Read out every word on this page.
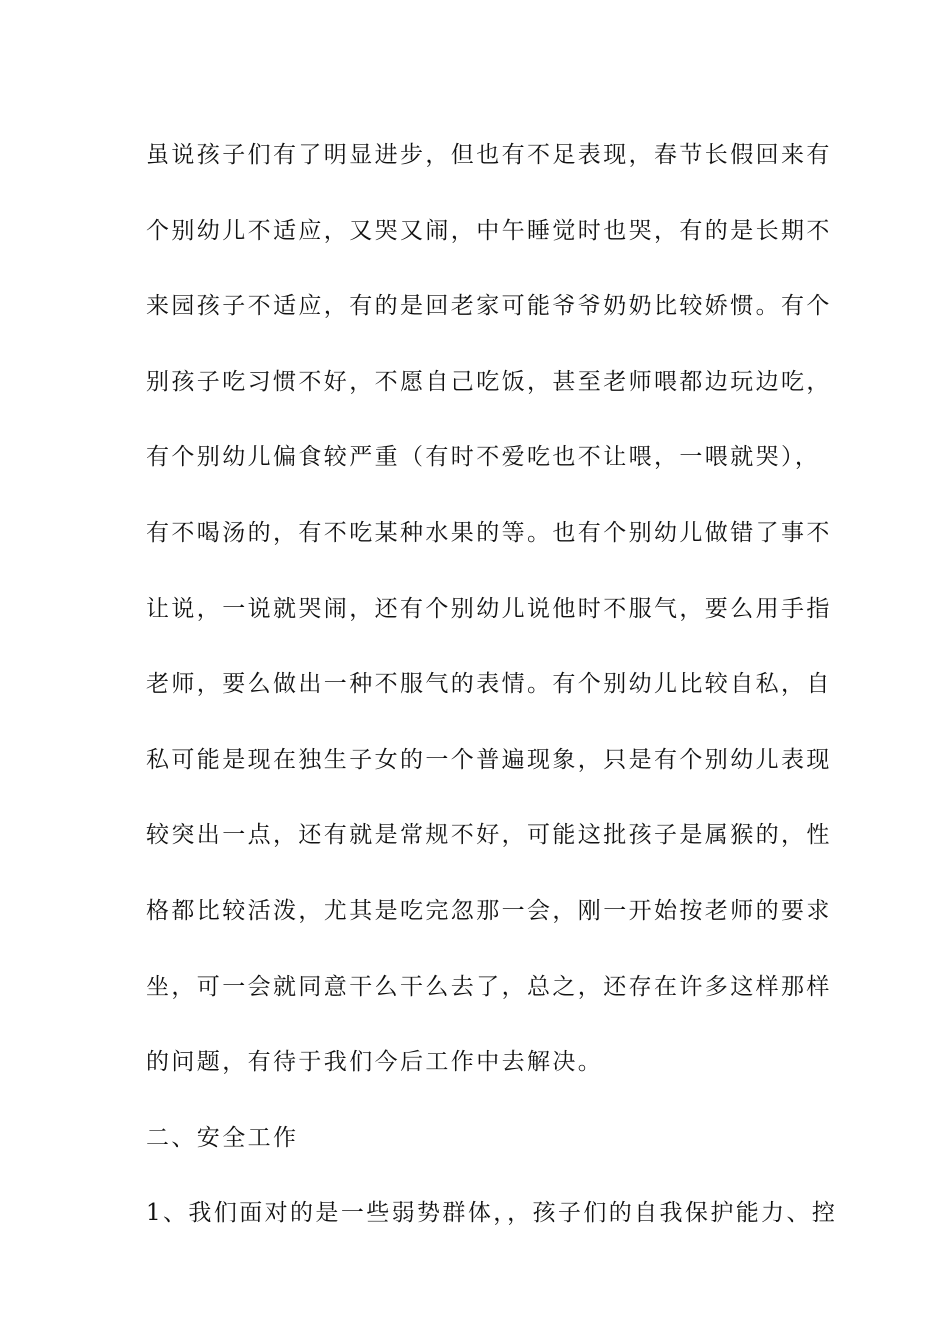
虽说孩子们有了明显进步，但也有不足表现，春节长假回来有
个别幼儿不适应，又哭又闹，中午睡觉时也哭，有的是长期不
来园孩子不适应，有的是回老家可能爷爷奶奶比较娇惯。有个
别孩子吃习惯不好，不愿自己吃饭，甚至老师喂都边玩边吃，
有个别幼儿偏食较严重（有时不爱吃也不让喂，一喂就哭），
有不喝汤的，有不吃某种水果的等。也有个别幼儿做错了事不
让说，一说就哭闹，还有个别幼儿说他时不服气，要么用手指
老师，要么做出一种不服气的表情。有个别幼儿比较自私，自
私可能是现在独生子女的一个普遍现象，只是有个别幼儿表现
较突出一点，还有就是常规不好，可能这批孩子是属猴的，性
格都比较活泼，尤其是吃完忽那一会，刚一开始按老师的要求
坐，可一会就同意干么干么去了，总之，还存在许多这样那样
的问题，有待于我们今后工作中去解决。
二、安全工作
1、我们面对的是一些弱势群体，，孩子们的自我保护能力、控
